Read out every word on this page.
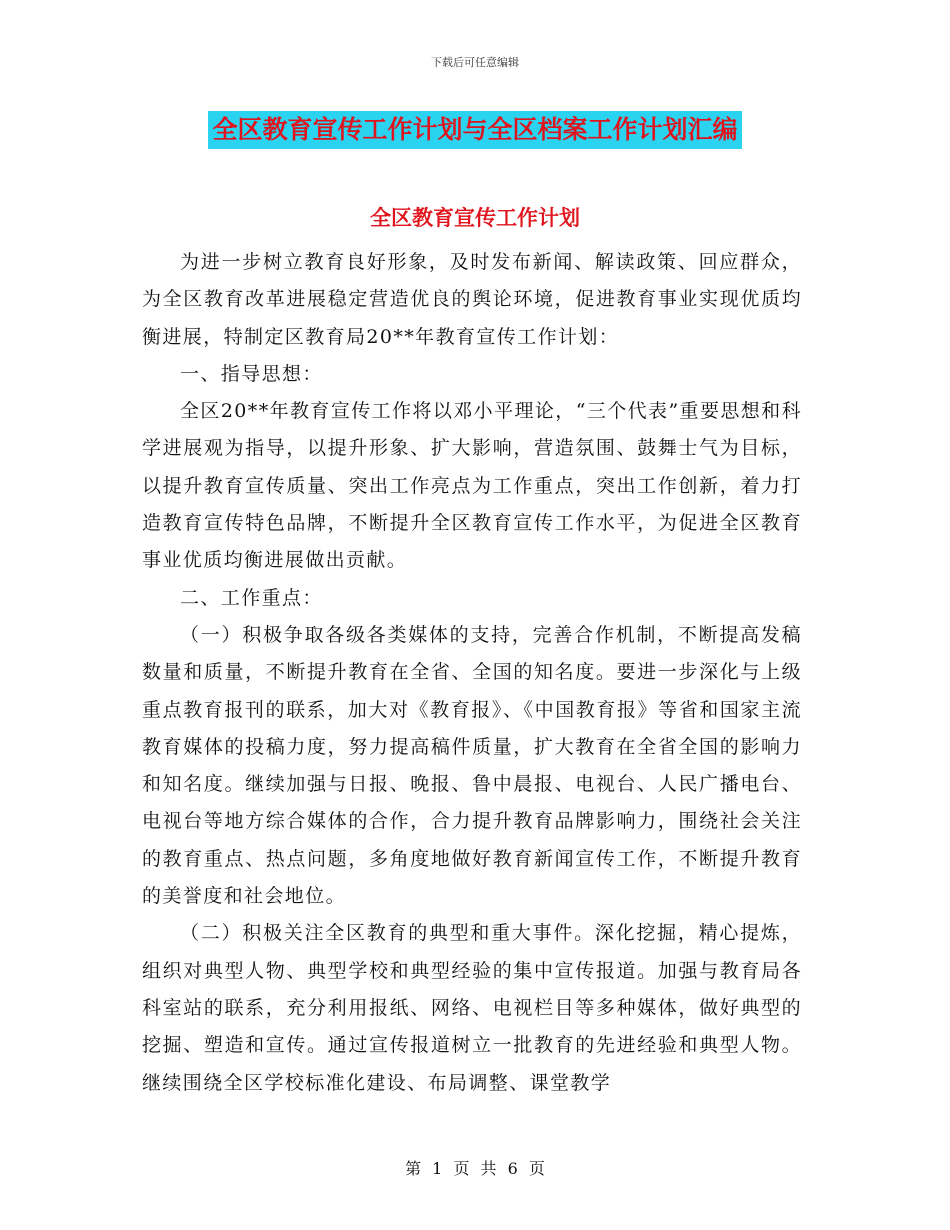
下载后可任意编辑
全区教育宣传工作计划与全区档案工作计划汇编
全区教育宣传工作计划

为进一步树立教育良好形象，及时发布新闻、解读政策、回应群众，为全区教育改革进展稳定营造优良的舆论环境，促进教育事业实现优质均衡进展，特制定区教育局20**年教育宣传工作计划：

一、指导思想：

全区20**年教育宣传工作将以邓小平理论，“三个代表”重要思想和科学进展观为指导，以提升形象、扩大影响，营造氛围、鼓舞士气为目标，以提升教育宣传质量、突出工作亮点为工作重点，突出工作创新，着力打造教育宣传特色品牌，不断提升全区教育宣传工作水平，为促进全区教育事业优质均衡进展做出贡献。

二、工作重点：

（一）积极争取各级各类媒体的支持，完善合作机制，不断提高发稿数量和质量，不断提升教育在全省、全国的知名度。要进一步深化与上级重点教育报刊的联系，加大对《教育报》、《中国教育报》等省和国家主流教育媒体的投稿力度，努力提高稿件质量，扩大教育在全省全国的影响力和知名度。继续加强与日报、晚报、鲁中晨报、电视台、人民广播电台、电视台等地方综合媒体的合作，合力提升教育品牌影响力，围绕社会关注的教育重点、热点问题，多角度地做好教育新闻宣传工作，不断提升教育的美誉度和社会地位。

（二）积极关注全区教育的典型和重大事件。深化挖掘，精心提炼，组织对典型人物、典型学校和典型经验的集中宣传报道。加强与教育局各科室站的联系，充分利用报纸、网络、电视栏目等多种媒体，做好典型的挖掘、塑造和宣传。通过宣传报道树立一批教育的先进经验和典型人物。继续围绕全区学校标准化建设、布局调整、课堂教学

第 1 页 共 6 页
